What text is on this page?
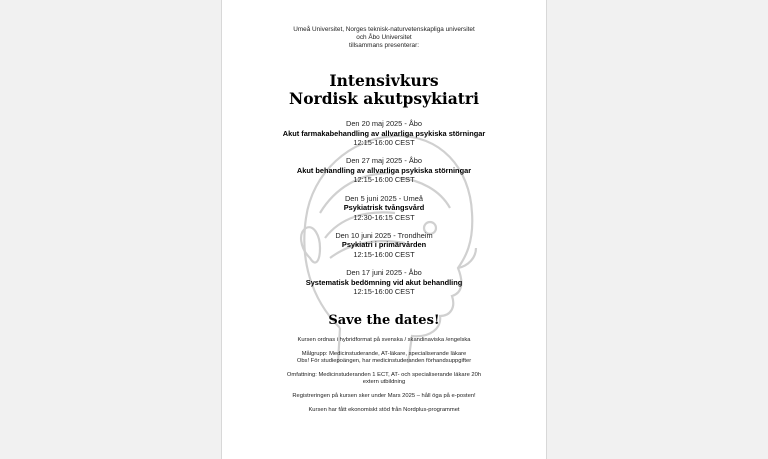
Umeå Universitet, Norges teknisk-naturvetenskapliga universitet
och Åbo Universitet
tillsammans presenterar:
Intensivkurs
Nordisk akutpsykiatri
Den 20 maj 2025 - Åbo
Akut farmakabehandling av allvarliga psykiska störningar
12:15-16:00 CEST
Den 27 maj 2025 - Åbo
Akut behandling av allvarliga psykiska störningar
12:15-16:00 CEST
Den 5 juni 2025 - Umeå
Psykiatrisk tvångsvård
12:30-16:15 CEST
Den 10 juni 2025 - Trondheim
Psykiatri i primärvården
12:15-16:00 CEST
Den 17 juni 2025 - Åbo
Systematisk bedömning vid akut behandling
12:15-16:00 CEST
Save the dates!
Kursen ordnas i hybridformat på svenska / skandinaviska /engelska
Målgrupp: Medicinstuderande, AT-läkare, specialiserande läkare
Obs! För studiepoängen, har medicinstuderanden förhandsuppgifter
Omfattning: Medicinstuderanden 1 ECT, AT- och specialiserande läkare 20h
extern utbildning
Registreringen på kursen sker under Mars 2025 – håll öga på e-posten!
Kursen har fått ekonomiskt stöd från Nordplus-programmet
